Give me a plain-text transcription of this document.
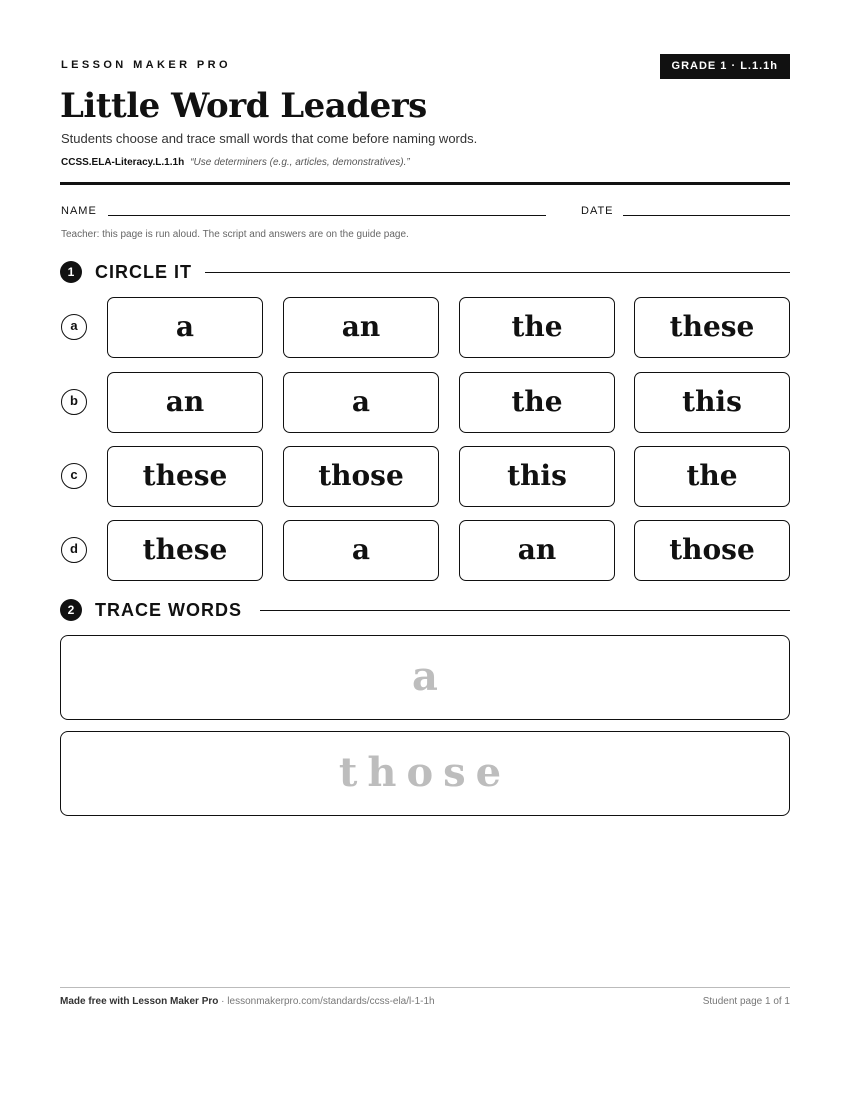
LESSON MAKER PRO	GRADE 1 · L.1.1h
Little Word Leaders
Students choose and trace small words that come before naming words.
CCSS.ELA-Literacy.L.1.1h “Use determiners (e.g., articles, demonstratives).”
NAME	DATE
Teacher: this page is run aloud. The script and answers are on the guide page.
1	CIRCLE IT
a	a	an	the	these
b	an	a	the	this
c	these	those	this	the
d	these	a	an	those
2	TRACE WORDS
a
those
Made free with Lesson Maker Pro · lessonmakerpro.com/standards/ccss-ela/l-1-1h	Student page 1 of 1
